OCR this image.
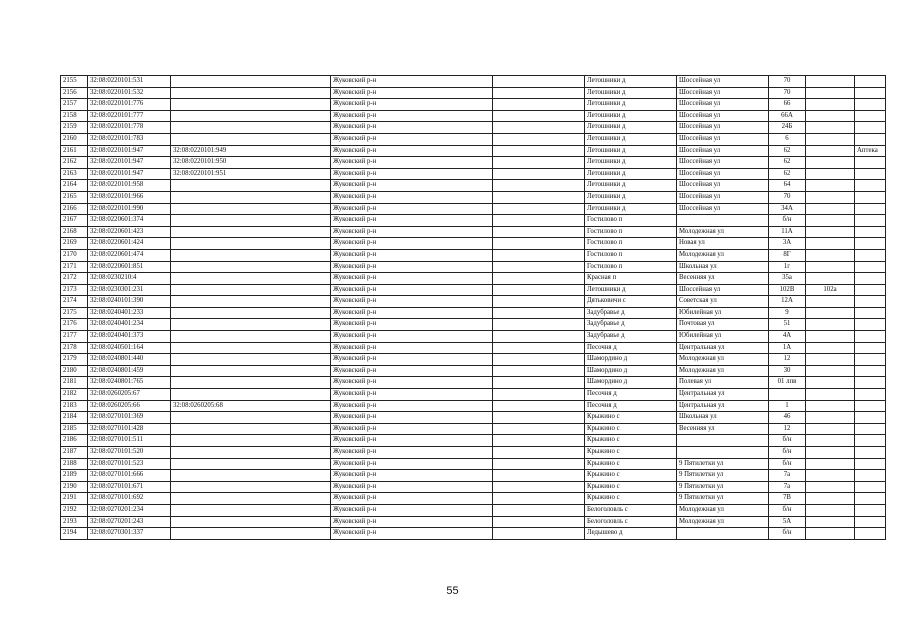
2155	32:08:0220101:531		Жуковский р-н		Летошники д	Шоссейная ул	70		
2156	32:08:0220101:532		Жуковский р-н		Летошники д	Шоссейная ул	70		
2157	32:08:0220101:776		Жуковский р-н		Летошники д	Шоссейная ул	66		
2158	32:08:0220101:777		Жуковский р-н		Летошники д	Шоссейная ул	66А		
2159	32:08:0220101:778		Жуковский р-н		Летошники д	Шоссейная ул	24Б		
2160	32:08:0220101:783		Жуковский р-н		Летошники д	Шоссейная ул	6		
2161	32:08:0220101:947	32:08:0220101:949	Жуковский р-н		Летошники д	Шоссейная ул	62		Аптека
2162	32:08:0220101:947	32:08:0220101:950	Жуковский р-н		Летошники д	Шоссейная ул	62		
2163	32:08:0220101:947	32:08:0220101:951	Жуковский р-н		Летошники д	Шоссейная ул	62		
2164	32:08:0220101:958		Жуковский р-н		Летошники д	Шоссейная ул	64		
2165	32:08:0220101:966		Жуковский р-н		Летошники д	Шоссейная ул	70		
2166	32:08:0220101:990		Жуковский р-н		Летошники д	Шоссейная ул	34А		
2167	32:08:0220601:374		Жуковский р-н		Гостилово п		б/н		
2168	32:08:0220601:423		Жуковский р-н		Гостилово п	Молодежная ул	11А		
2169	32:08:0220601:424		Жуковский р-н		Гостилово п	Новая ул	3А		
2170	32:08:0220601:474		Жуковский р-н		Гостилово п	Молодежная ул	8Г		
2171	32:08:0220601:851		Жуковский р-н		Гостилово п	Школьная ул	1г		
2172	32:08:0230210:4		Жуковский р-н		Красная п	Весенняя ул	35а		
2173	32:08:0230301:231		Жуковский р-н		Летошники д	Шоссейная ул	102В	102а	
2174	32:08:0240101:390		Жуковский р-н		Дятьковичи с	Советская ул	12А		
2175	32:08:0240401:233		Жуковский р-н		Задубравье д	Юбилейная ул	9		
2176	32:08:0240401:234		Жуковский р-н		Задубравье д	Почтовая ул	51		
2177	32:08:0240401:373		Жуковский р-н		Задубравье д	Юбилейная ул	4А		
2178	32:08:0240501:164		Жуковский р-н		Песочня д	Центральная ул	1А		
2179	32:08:0240801:440		Жуковский р-н		Шамордино д	Молодежная ул	12		
2180	32:08:0240801:459		Жуковский р-н		Шамордино д	Молодежная ул	30		
2181	32:08:0240801:765		Жуковский р-н		Шамордино д	Полевая ул	01 лпв		
2182	32:08:0260205:67		Жуковский р-н		Песочня д	Центральная ул			
2183	32:08:0260205:66	32:08:0260205:68	Жуковский р-н		Песочня д	Центральная ул	1		
2184	32:08:0270101:369		Жуковский р-н		Крыжино с	Школьная ул	46		
2185	32:08:0270101:428		Жуковский р-н		Крыжино с	Весенняя ул	12		
2186	32:08:0270101:511		Жуковский р-н		Крыжино с		б/н		
2187	32:08:0270101:520		Жуковский р-н		Крыжино с		б/н		
2188	32:08:0270101:523		Жуковский р-н		Крыжино с	9 Пятилетки ул	б/н		
2189	32:08:0270101:666		Жуковский р-н		Крыжино с	9 Пятилетки ул	7а		
2190	32:08:0270101:671		Жуковский р-н		Крыжино с	9 Пятилетки ул	7а		
2191	32:08:0270101:692		Жуковский р-н		Крыжино с	9 Пятилетки ул	7В		
2192	32:08:0270201:234		Жуковский р-н		Белоголовль с	Молодежная ул	б/н		
2193	32:08:0270201:243		Жуковский р-н		Белоголовль с	Молодежная ул	5А		
2194	32:08:0270301:337		Жуковский р-н		Ледышево д		б/н		
55
